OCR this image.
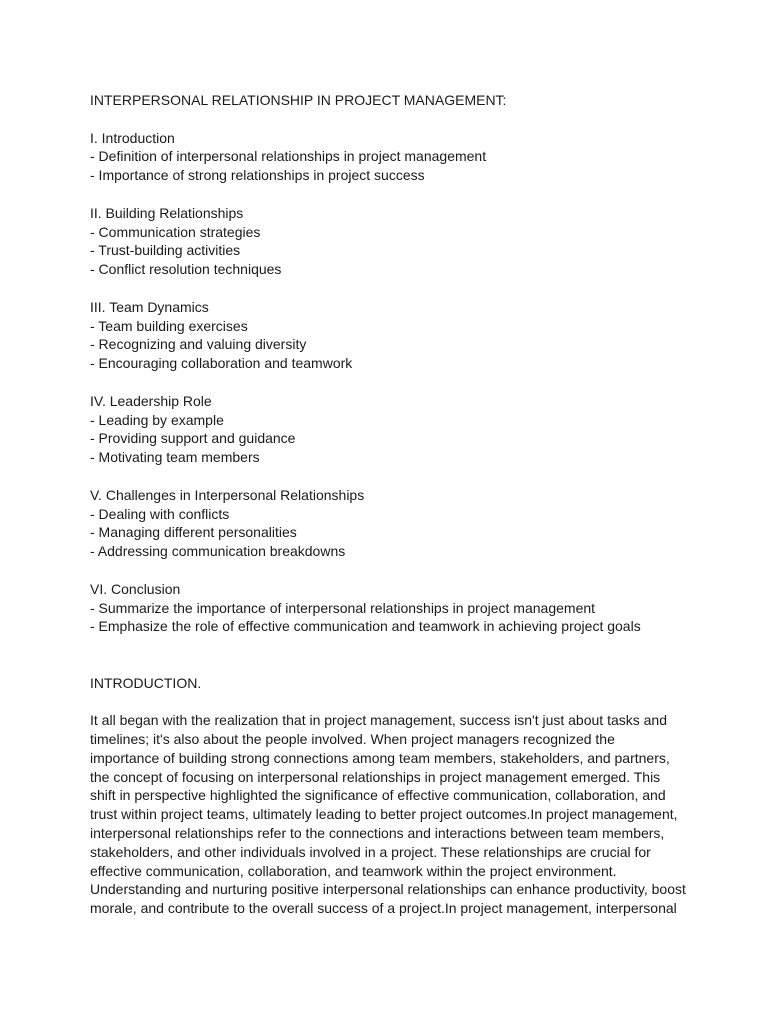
INTERPERSONAL RELATIONSHIP IN PROJECT MANAGEMENT:

I. Introduction

- Definition of interpersonal relationships in project management

- Importance of strong relationships in project success

II. Building Relationships

- Communication strategies

- Trust-building activities

- Conflict resolution techniques

III. Team Dynamics

- Team building exercises

- Recognizing and valuing diversity

- Encouraging collaboration and teamwork

IV. Leadership Role

- Leading by example

- Providing support and guidance

- Motivating team members

V. Challenges in Interpersonal Relationships

- Dealing with conflicts

- Managing different personalities

- Addressing communication breakdowns

VI. Conclusion

- Summarize the importance of interpersonal relationships in project management

- Emphasize the role of effective communication and teamwork in achieving project goals

INTRODUCTION.

It all began with the realization that in project management, success isn't just about tasks and
timelines; it's also about the people involved. When project managers recognized the
importance of building strong connections among team members, stakeholders, and partners,
the concept of focusing on interpersonal relationships in project management emerged. This
shift in perspective highlighted the significance of effective communication, collaboration, and
trust within project teams, ultimately leading to better project outcomes.In project management,
interpersonal relationships refer to the connections and interactions between team members,
stakeholders, and other individuals involved in a project. These relationships are crucial for
effective communication, collaboration, and teamwork within the project environment.
Understanding and nurturing positive interpersonal relationships can enhance productivity, boost
morale, and contribute to the overall success of a project.In project management, interpersonal
